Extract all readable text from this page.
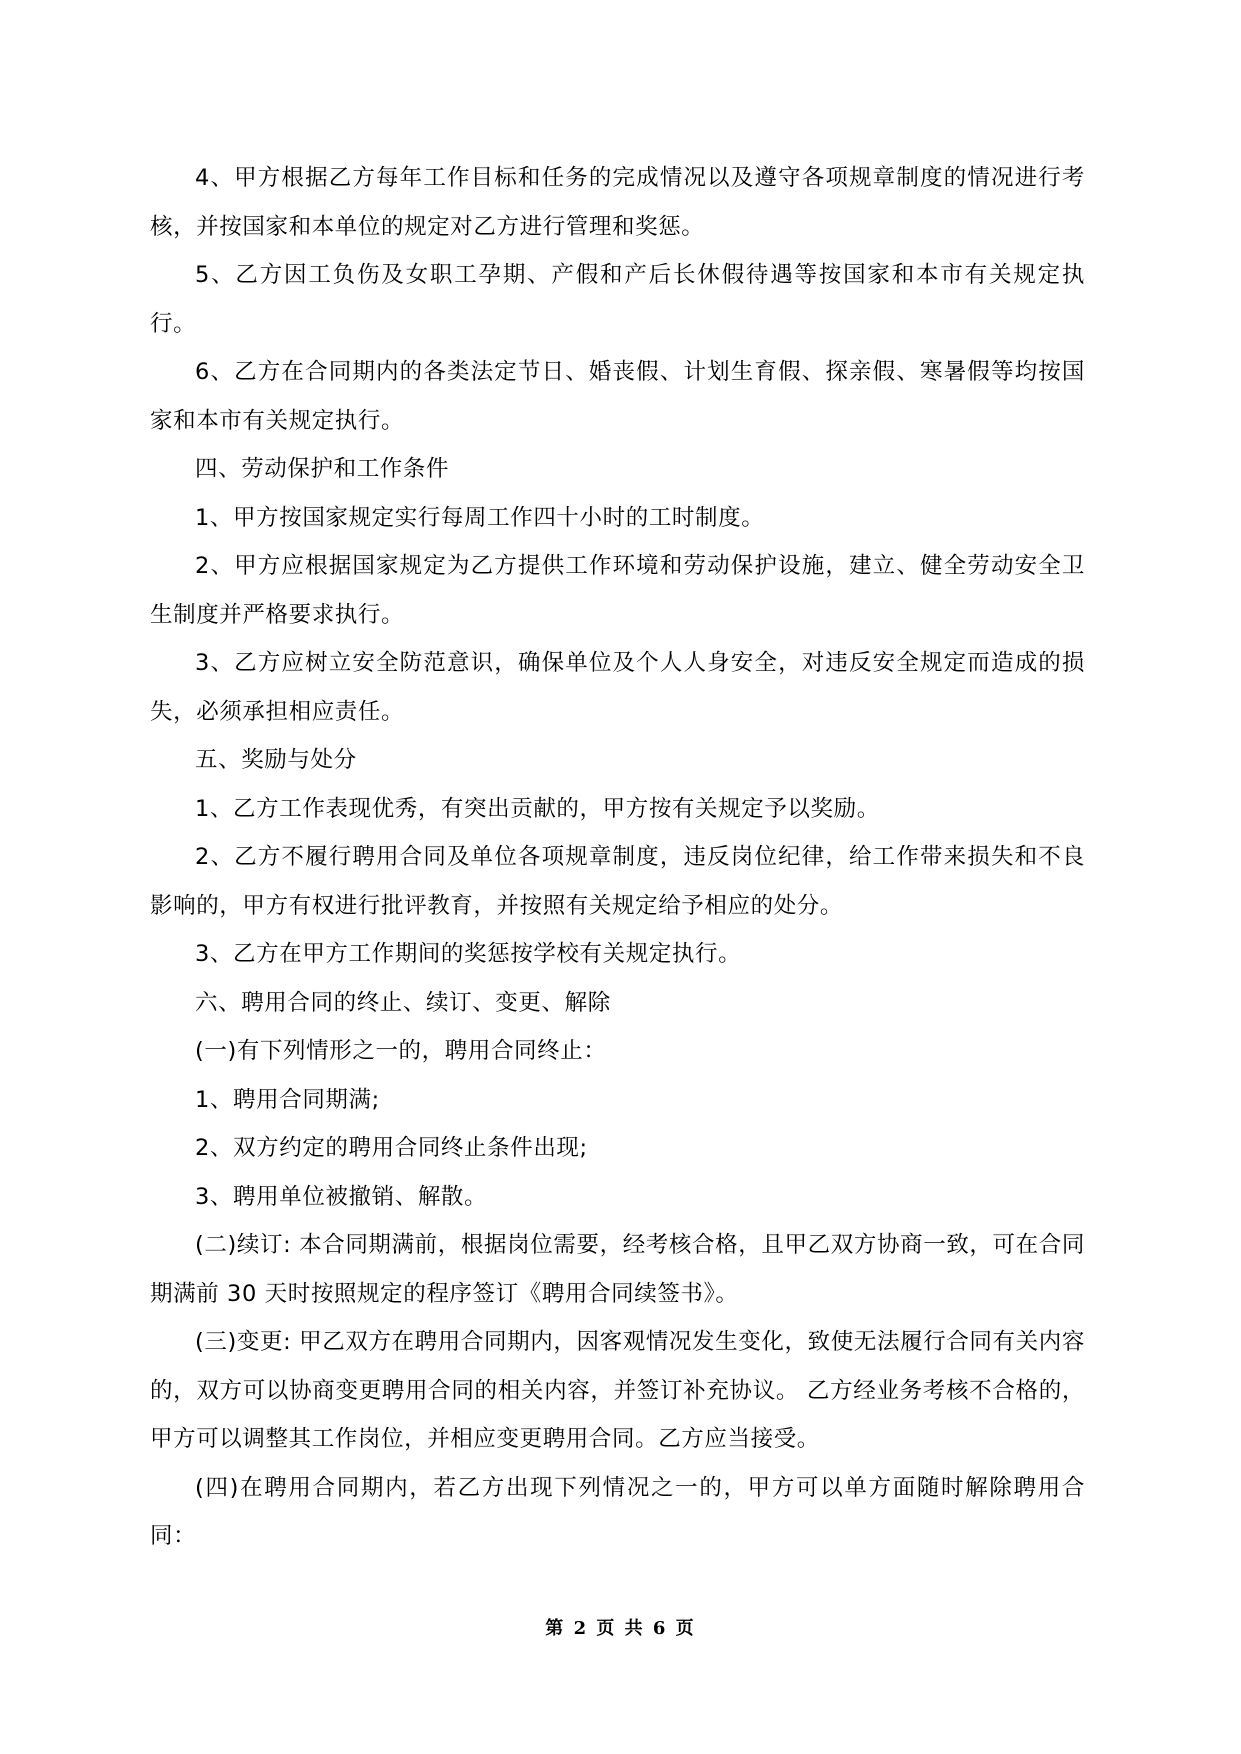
4、甲方根据乙方每年工作目标和任务的完成情况以及遵守各项规章制度的情况进行考核，并按国家和本单位的规定对乙方进行管理和奖惩。

5、乙方因工负伤及女职工孕期、产假和产后长休假待遇等按国家和本市有关规定执行。

6、乙方在合同期内的各类法定节日、婚丧假、计划生育假、探亲假、寒暑假等均按国家和本市有关规定执行。

四、劳动保护和工作条件

1、甲方按国家规定实行每周工作四十小时的工时制度。

2、甲方应根据国家规定为乙方提供工作环境和劳动保护设施，建立、健全劳动安全卫生制度并严格要求执行。

3、乙方应树立安全防范意识，确保单位及个人人身安全，对违反安全规定而造成的损失，必须承担相应责任。

五、奖励与处分

1、乙方工作表现优秀，有突出贡献的，甲方按有关规定予以奖励。

2、乙方不履行聘用合同及单位各项规章制度，违反岗位纪律，给工作带来损失和不良影响的，甲方有权进行批评教育，并按照有关规定给予相应的处分。

3、乙方在甲方工作期间的奖惩按学校有关规定执行。

六、聘用合同的终止、续订、变更、解除

(一)有下列情形之一的，聘用合同终止：

1、聘用合同期满;

2、双方约定的聘用合同终止条件出现;

3、聘用单位被撤销、解散。

(二)续订: 本合同期满前，根据岗位需要，经考核合格，且甲乙双方协商一致，可在合同期满前 30 天时按照规定的程序签订《聘用合同续签书》。

(三)变更: 甲乙双方在聘用合同期内，因客观情况发生变化，致使无法履行合同有关内容的，双方可以协商变更聘用合同的相关内容，并签订补充协议。 乙方经业务考核不合格的，甲方可以调整其工作岗位，并相应变更聘用合同。乙方应当接受。

(四)在聘用合同期内，若乙方出现下列情况之一的，甲方可以单方面随时解除聘用合同：

第 2 页 共 6 页
